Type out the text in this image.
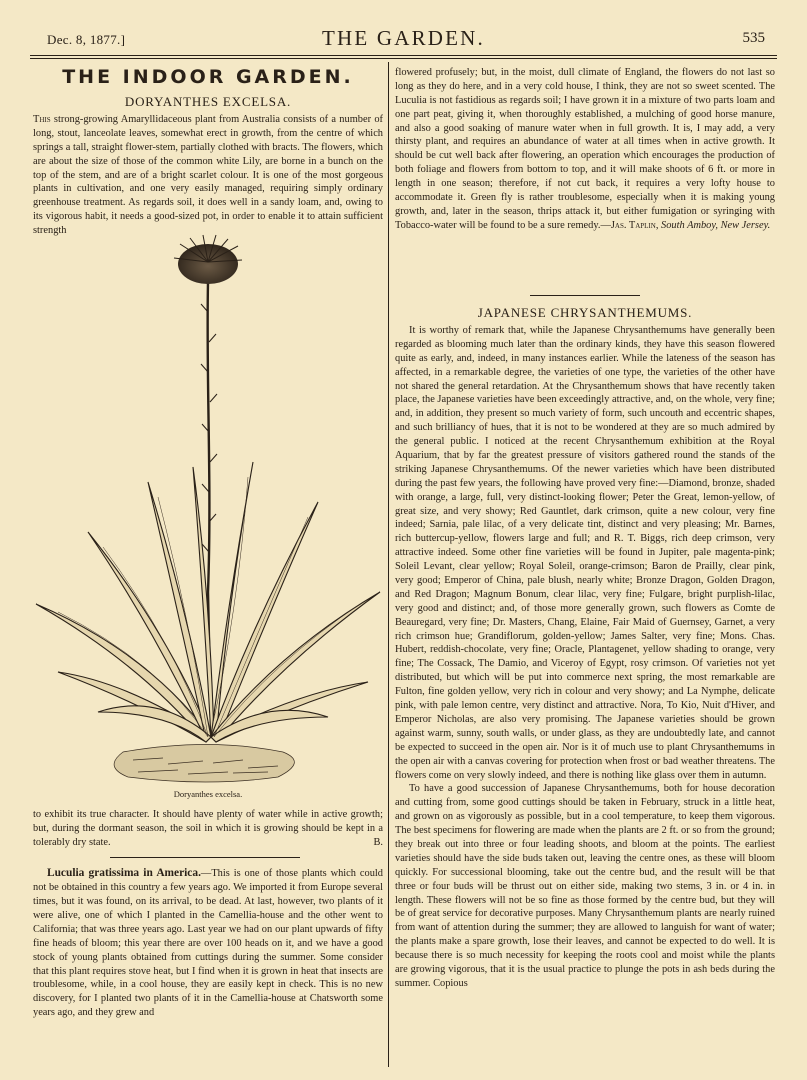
Dec. 8, 1877.]	THE GARDEN.	535
THE INDOOR GARDEN.
DORYANTHES EXCELSA.

This strong-growing Amaryllidaceous plant from Australia consists of a number of long, stout, lanceolate leaves, somewhat erect in growth, from the centre of which springs a tall, straight flower-stem, partially clothed with bracts. The flowers, which are about the size of those of the common white Lily, are borne in a bunch on the top of the stem, and are of a bright scarlet colour. It is one of the most gorgeous plants in cultivation, and one very easily managed, requiring simply ordinary greenhouse treatment. As regards soil, it does well in a sandy loam, and, owing to its vigorous habit, it needs a good-sized pot, in order to enable it to attain sufficient strength

Doryanthes excelsa.

to exhibit its true character. It should have plenty of water while in active growth; but, during the dormant season, the soil in which it is growing should be kept in a tolerably dry state.	B.

Luculia gratissima in America.—This is one of those plants which could not be obtained in this country a few years ago. We imported it from Europe several times, but it was found, on its arrival, to be dead. At last, however, two plants of it were alive, one of which I planted in the Camellia-house and the other went to California; that was three years ago. Last year we had on our plant upwards of fifty fine heads of bloom; this year there are over 100 heads on it, and we have a good stock of young plants obtained from cuttings during the summer. Some consider that this plant requires stove heat, but I find when it is grown in heat that insects are troublesome, while, in a cool house, they are easily kept in check. This is no new discovery, for I planted two plants of it in the Camellia-house at Chatsworth some years ago, and they grew and

flowered profusely; but, in the moist, dull climate of England, the flowers do not last so long as they do here, and in a very cold house, I think, they are not so sweet scented. The Luculia is not fastidious as regards soil; I have grown it in a mixture of two parts loam and one part peat, giving it, when thoroughly established, a mulching of good horse manure, and also a good soaking of manure water when in full growth. It is, I may add, a very thirsty plant, and requires an abundance of water at all times when in active growth. It should be cut well back after flowering, an operation which encourages the production of both foliage and flowers from bottom to top, and it will make shoots of 6 ft. or more in length in one season; therefore, if not cut back, it requires a very lofty house to accommodate it. Green fly is rather troublesome, especially when it is making young growth, and, later in the season, thrips attack it, but either fumigation or syringing with Tobacco-water will be found to be a sure remedy.—Jas. Taplin, South Amboy, New Jersey.

JAPANESE CHRYSANTHEMUMS.

It is worthy of remark that, while the Japanese Chrysanthemums have generally been regarded as blooming much later than the ordinary kinds, they have this season flowered quite as early, and, indeed, in many instances earlier. While the lateness of the season has affected, in a remarkable degree, the varieties of one type, the varieties of the other have not shared the general retardation. At the Chrysanthemum shows that have recently taken place, the Japanese varieties have been exceedingly attractive, and, on the whole, very fine; and, in addition, they present so much variety of form, such uncouth and eccentric shapes, and such brilliancy of hues, that it is not to be wondered at they are so much admired by the general public. I noticed at the recent Chrysanthemum exhibition at the Royal Aquarium, that by far the greatest pressure of visitors gathered round the stands of the striking Japanese Chrysanthemums. Of the newer varieties which have been distributed during the past few years, the following have proved very fine:—Diamond, bronze, shaded with orange, a large, full, very distinct-looking flower; Peter the Great, lemon-yellow, of great size, and very showy; Red Gauntlet, dark crimson, quite a new colour, very fine indeed; Sarnia, pale lilac, of a very delicate tint, distinct and very pleasing; Mr. Barnes, rich buttercup-yellow, flowers large and full; and R. T. Biggs, rich deep crimson, very attractive indeed. Some other fine varieties will be found in Jupiter, pale magenta-pink; Soleil Levant, clear yellow; Royal Soleil, orange-crimson; Baron de Prailly, clear pink, very good; Emperor of China, pale blush, nearly white; Bronze Dragon, Golden Dragon, and Red Dragon; Magnum Bonum, clear lilac, very fine; Fulgare, bright purplish-lilac, very good and distinct; and, of those more generally grown, such flowers as Comte de Beauregard, very fine; Dr. Masters, Chang, Elaine, Fair Maid of Guernsey, Garnet, a very rich crimson hue; Grandiflorum, golden-yellow; James Salter, very fine; Mons. Chas. Hubert, reddish-chocolate, very fine; Oracle, Plantagenet, yellow shading to orange, very fine; The Cossack, The Damio, and Viceroy of Egypt, rosy crimson. Of varieties not yet distributed, but which will be put into commerce next spring, the most remarkable are Fulton, fine golden yellow, very rich in colour and very showy; and La Nymphe, delicate pink, with pale lemon centre, very distinct and attractive. Nora, To Kio, Nuit d'Hiver, and Emperor Nicholas, are also very promising. The Japanese varieties should be grown against warm, sunny, south walls, or under glass, as they are undoubtedly late, and cannot be expected to succeed in the open air. Nor is it of much use to plant Chrysanthemums in the open air with a canvas covering for protection when frost or bad weather threatens. The flowers come on very slowly indeed, and there is nothing like glass over them in autumn.

To have a good succession of Japanese Chrysanthemums, both for house decoration and cutting from, some good cuttings should be taken in February, struck in a little heat, and grown on as vigorously as possible, but in a cool temperature, to keep them vigorous. The best specimens for flowering are made when the plants are 2 ft. or so from the ground; they break out into three or four leading shoots, and bloom at the points. The earliest varieties should have the side buds taken out, leaving the centre ones, as these will bloom quickly. For successional blooming, take out the centre bud, and the result will be that three or four buds will be thrust out on either side, making two stems, 3 in. or 4 in. in length. These flowers will not be so fine as those formed by the centre bud, but they will be of great service for decorative purposes. Many Chrysanthemum plants are nearly ruined from want of attention during the summer; they are allowed to languish for want of water; the plants make a spare growth, lose their leaves, and cannot be expected to do well. It is because there is so much necessity for keeping the roots cool and moist while the plants are growing vigorous, that it is the usual practice to plunge the pots in ash beds during the summer. Copious
